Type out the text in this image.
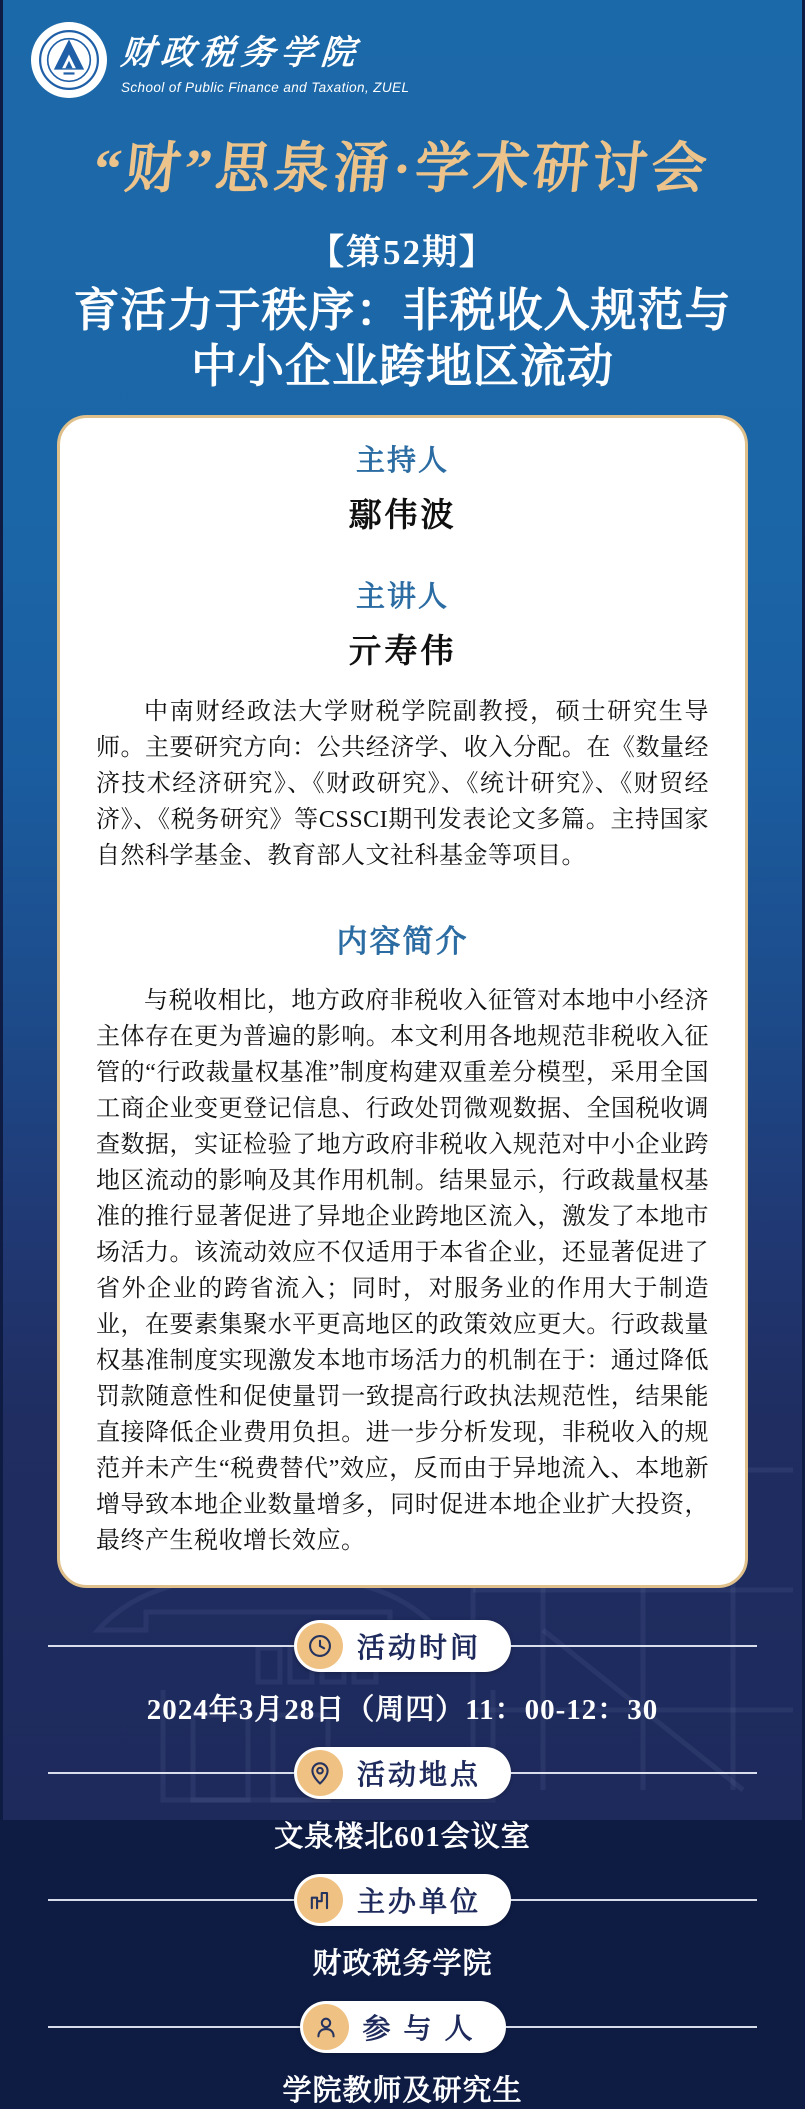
财政税务学院
School of Public Finance and Taxation, ZUEL
“财”思泉涌·学术研讨会
【第52期】
育活力于秩序：非税收入规范与
中小企业跨地区流动
主持人
鄢伟波
主讲人
亓寿伟

中南财经政法大学财税学院副教授，硕士研究生导师。主要研究方向：公共经济学、收入分配。在《数量经济技术经济研究》、《财政研究》、《统计研究》、《财贸经济》、《税务研究》等CSSCI期刊发表论文多篇。主持国家自然科学基金、教育部人文社科基金等项目。

内容简介

与税收相比，地方政府非税收入征管对本地中小经济主体存在更为普遍的影响。本文利用各地规范非税收入征管的“行政裁量权基准”制度构建双重差分模型，采用全国工商企业变更登记信息、行政处罚微观数据、全国税收调查数据，实证检验了地方政府非税收入规范对中小企业跨地区流动的影响及其作用机制。结果显示，行政裁量权基准的推行显著促进了异地企业跨地区流入，激发了本地市场活力。该流动效应不仅适用于本省企业，还显著促进了省外企业的跨省流入；同时，对服务业的作用大于制造业，在要素集聚水平更高地区的政策效应更大。行政裁量权基准制度实现激发本地市场活力的机制在于：通过降低罚款随意性和促使量罚一致提高行政执法规范性，结果能直接降低企业费用负担。进一步分析发现，非税收入的规范并未产生“税费替代”效应，反而由于异地流入、本地新增导致本地企业数量增多，同时促进本地企业扩大投资，最终产生税收增长效应。

活动时间
2024年3月28日（周四）11：00-12：30
活动地点
文泉楼北601会议室
主办单位
财政税务学院
参 与 人
学院教师及研究生
